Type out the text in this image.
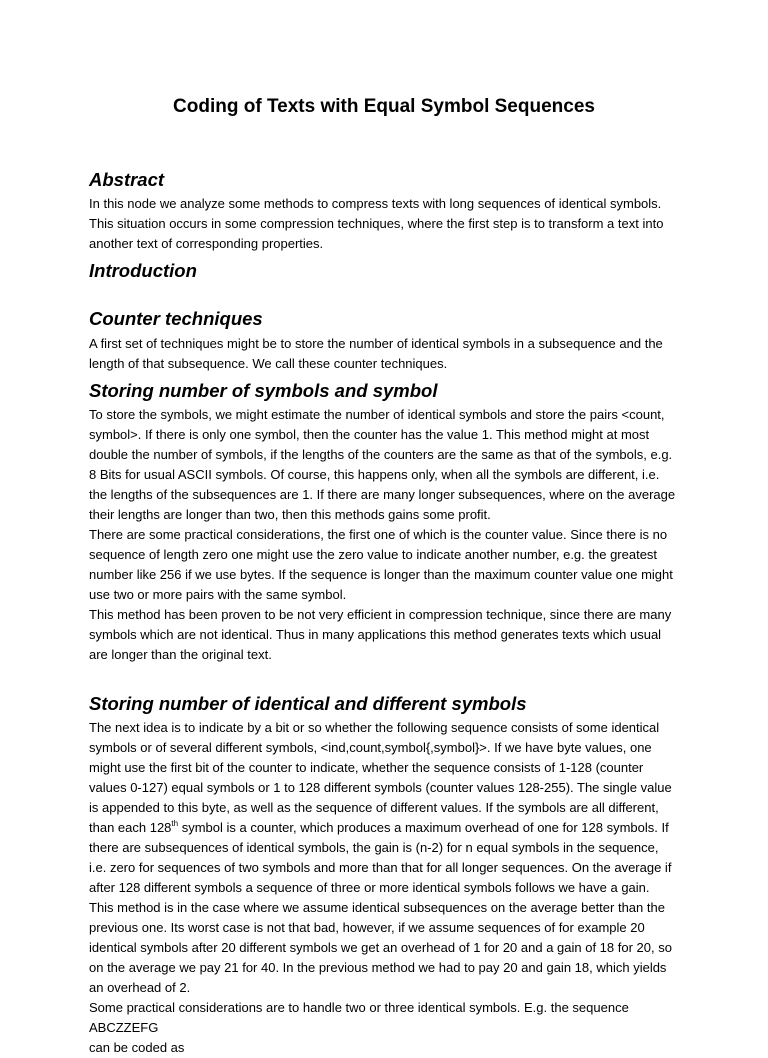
Coding of Texts with Equal Symbol Sequences
Abstract
In this node we analyze some methods to compress texts with long sequences of identical symbols.
This situation occurs in some compression techniques, where the first step is to transform a text into
another text of corresponding properties.
Introduction
Counter techniques
A first set of techniques might be to store the number of identical symbols in a subsequence and the
length of that subsequence. We call these counter techniques.
Storing number of symbols and symbol
To store the symbols, we might estimate the number of identical symbols and store the pairs <count,
symbol>. If there is only one symbol, then the counter has the value 1. This method might at most
double the number of symbols, if the lengths of the counters are the same as that of the symbols, e.g.
8 Bits for usual ASCII symbols. Of course, this happens only, when all the symbols are different, i.e.
the lengths of the subsequences are 1. If there are many longer subsequences, where on the average
their lengths are longer than two, then this methods gains some profit.
There are some practical considerations, the first one of which is the counter value. Since there is no
sequence of length zero one might use the zero value to indicate another number, e.g. the greatest
number like 256 if we use bytes. If the sequence is longer than the maximum counter value one might
use two or more pairs with the same symbol.
This method has been proven to be not very efficient in compression technique, since there are many
symbols which are not identical. Thus in many applications this method generates texts which usual
are longer than the original text.
Storing number of identical and different symbols
The next idea is to indicate by a bit or so whether the following sequence consists of some identical
symbols or of several different symbols, <ind,count,symbol{,symbol}>. If we have byte values, one
might use the first bit of the counter to indicate, whether the sequence consists of 1-128 (counter
values 0-127) equal symbols or 1 to 128 different symbols (counter values 128-255). The single value
is appended to this byte, as well as the sequence of different values. If the symbols are all different,
than each 128th symbol is a counter, which produces a maximum overhead of one for 128 symbols. If
there are subsequences of identical symbols, the gain is (n-2) for n equal symbols in the sequence,
i.e. zero for sequences of two symbols and more than that for all longer sequences. On the average if
after 128 different symbols a sequence of three or more identical symbols follows we have a gain.
This method is in the case where we assume identical subsequences on the average better than the
previous one. Its worst case is not that bad, however, if we assume sequences of for example 20
identical symbols after 20 different symbols we get an overhead of 1 for 20 and a gain of 18 for 20, so
on the average we pay 21 for 40. In the previous method we had to pay 20 and gain 18, which yields
an overhead of 2.
Some practical considerations are to handle two or three identical symbols. E.g. the sequence
ABCZZEFG
can be coded as
